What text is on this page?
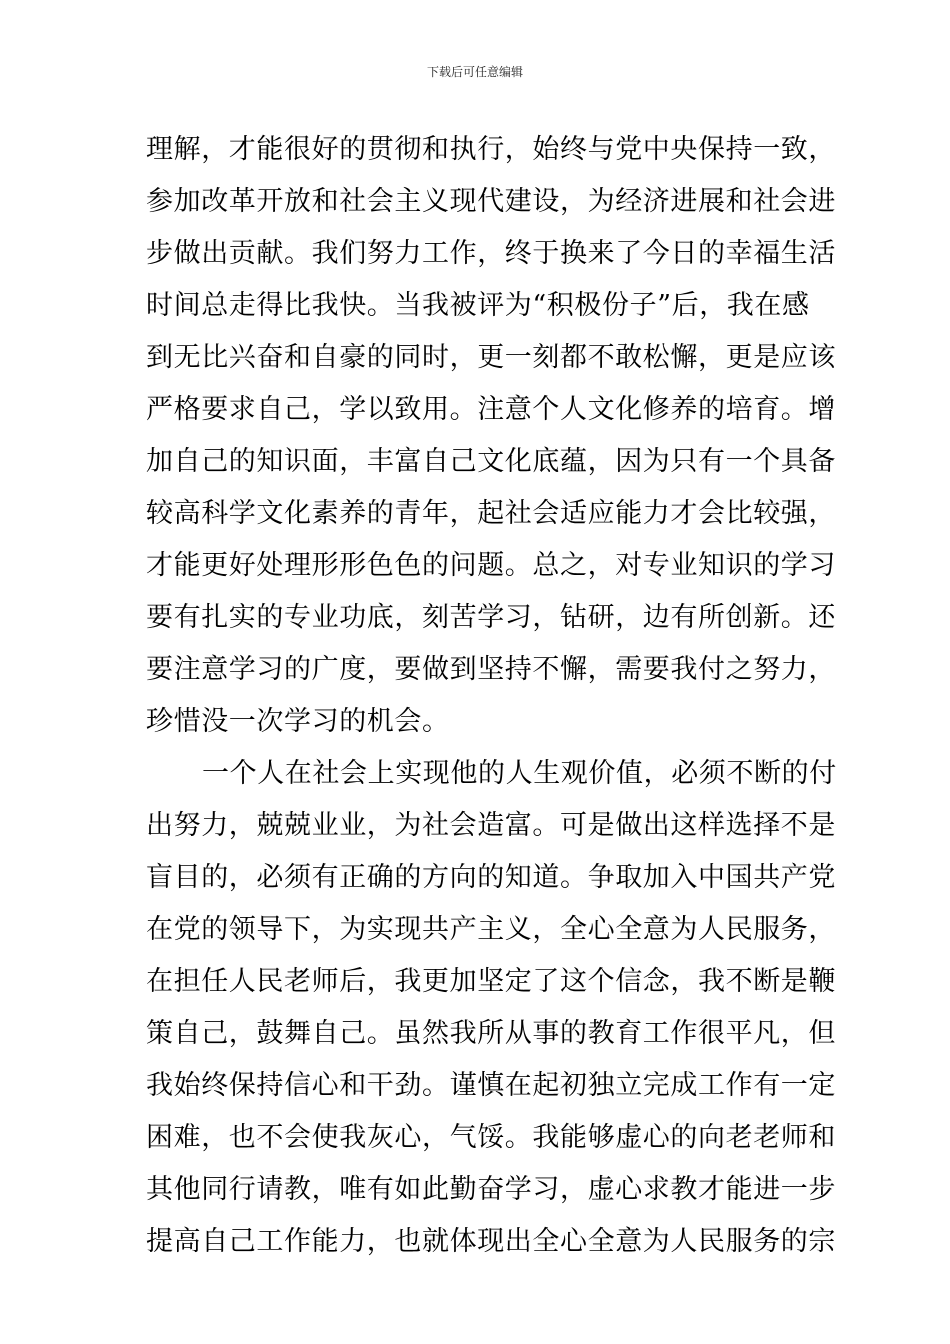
下载后可任意编辑
理解，才能很好的贯彻和执行，始终与党中央保持一致，
参加改革开放和社会主义现代建设，为经济进展和社会进
步做出贡献。我们努力工作，终于换来了今日的幸福生活
时间总走得比我快。当我被评为“积极份子”后，我在感
到无比兴奋和自豪的同时，更一刻都不敢松懈，更是应该
严格要求自己，学以致用。注意个人文化修养的培育。增
加自己的知识面，丰富自己文化底蕴，因为只有一个具备
较高科学文化素养的青年，起社会适应能力才会比较强，
才能更好处理形形色色的问题。总之，对专业知识的学习
要有扎实的专业功底，刻苦学习，钻研，边有所创新。还
要注意学习的广度，要做到坚持不懈，需要我付之努力，
珍惜没一次学习的机会。
一个人在社会上实现他的人生观价值，必须不断的付
出努力，兢兢业业，为社会造富。可是做出这样选择不是
盲目的，必须有正确的方向的知道。争取加入中国共产党
在党的领导下，为实现共产主义，全心全意为人民服务，
在担任人民老师后，我更加坚定了这个信念，我不断是鞭
策自己，鼓舞自己。虽然我所从事的教育工作很平凡，但
我始终保持信心和干劲。谨慎在起初独立完成工作有一定
困难，也不会使我灰心，气馁。我能够虚心的向老老师和
其他同行请教，唯有如此勤奋学习，虚心求教才能进一步
提高自己工作能力，也就体现出全心全意为人民服务的宗
